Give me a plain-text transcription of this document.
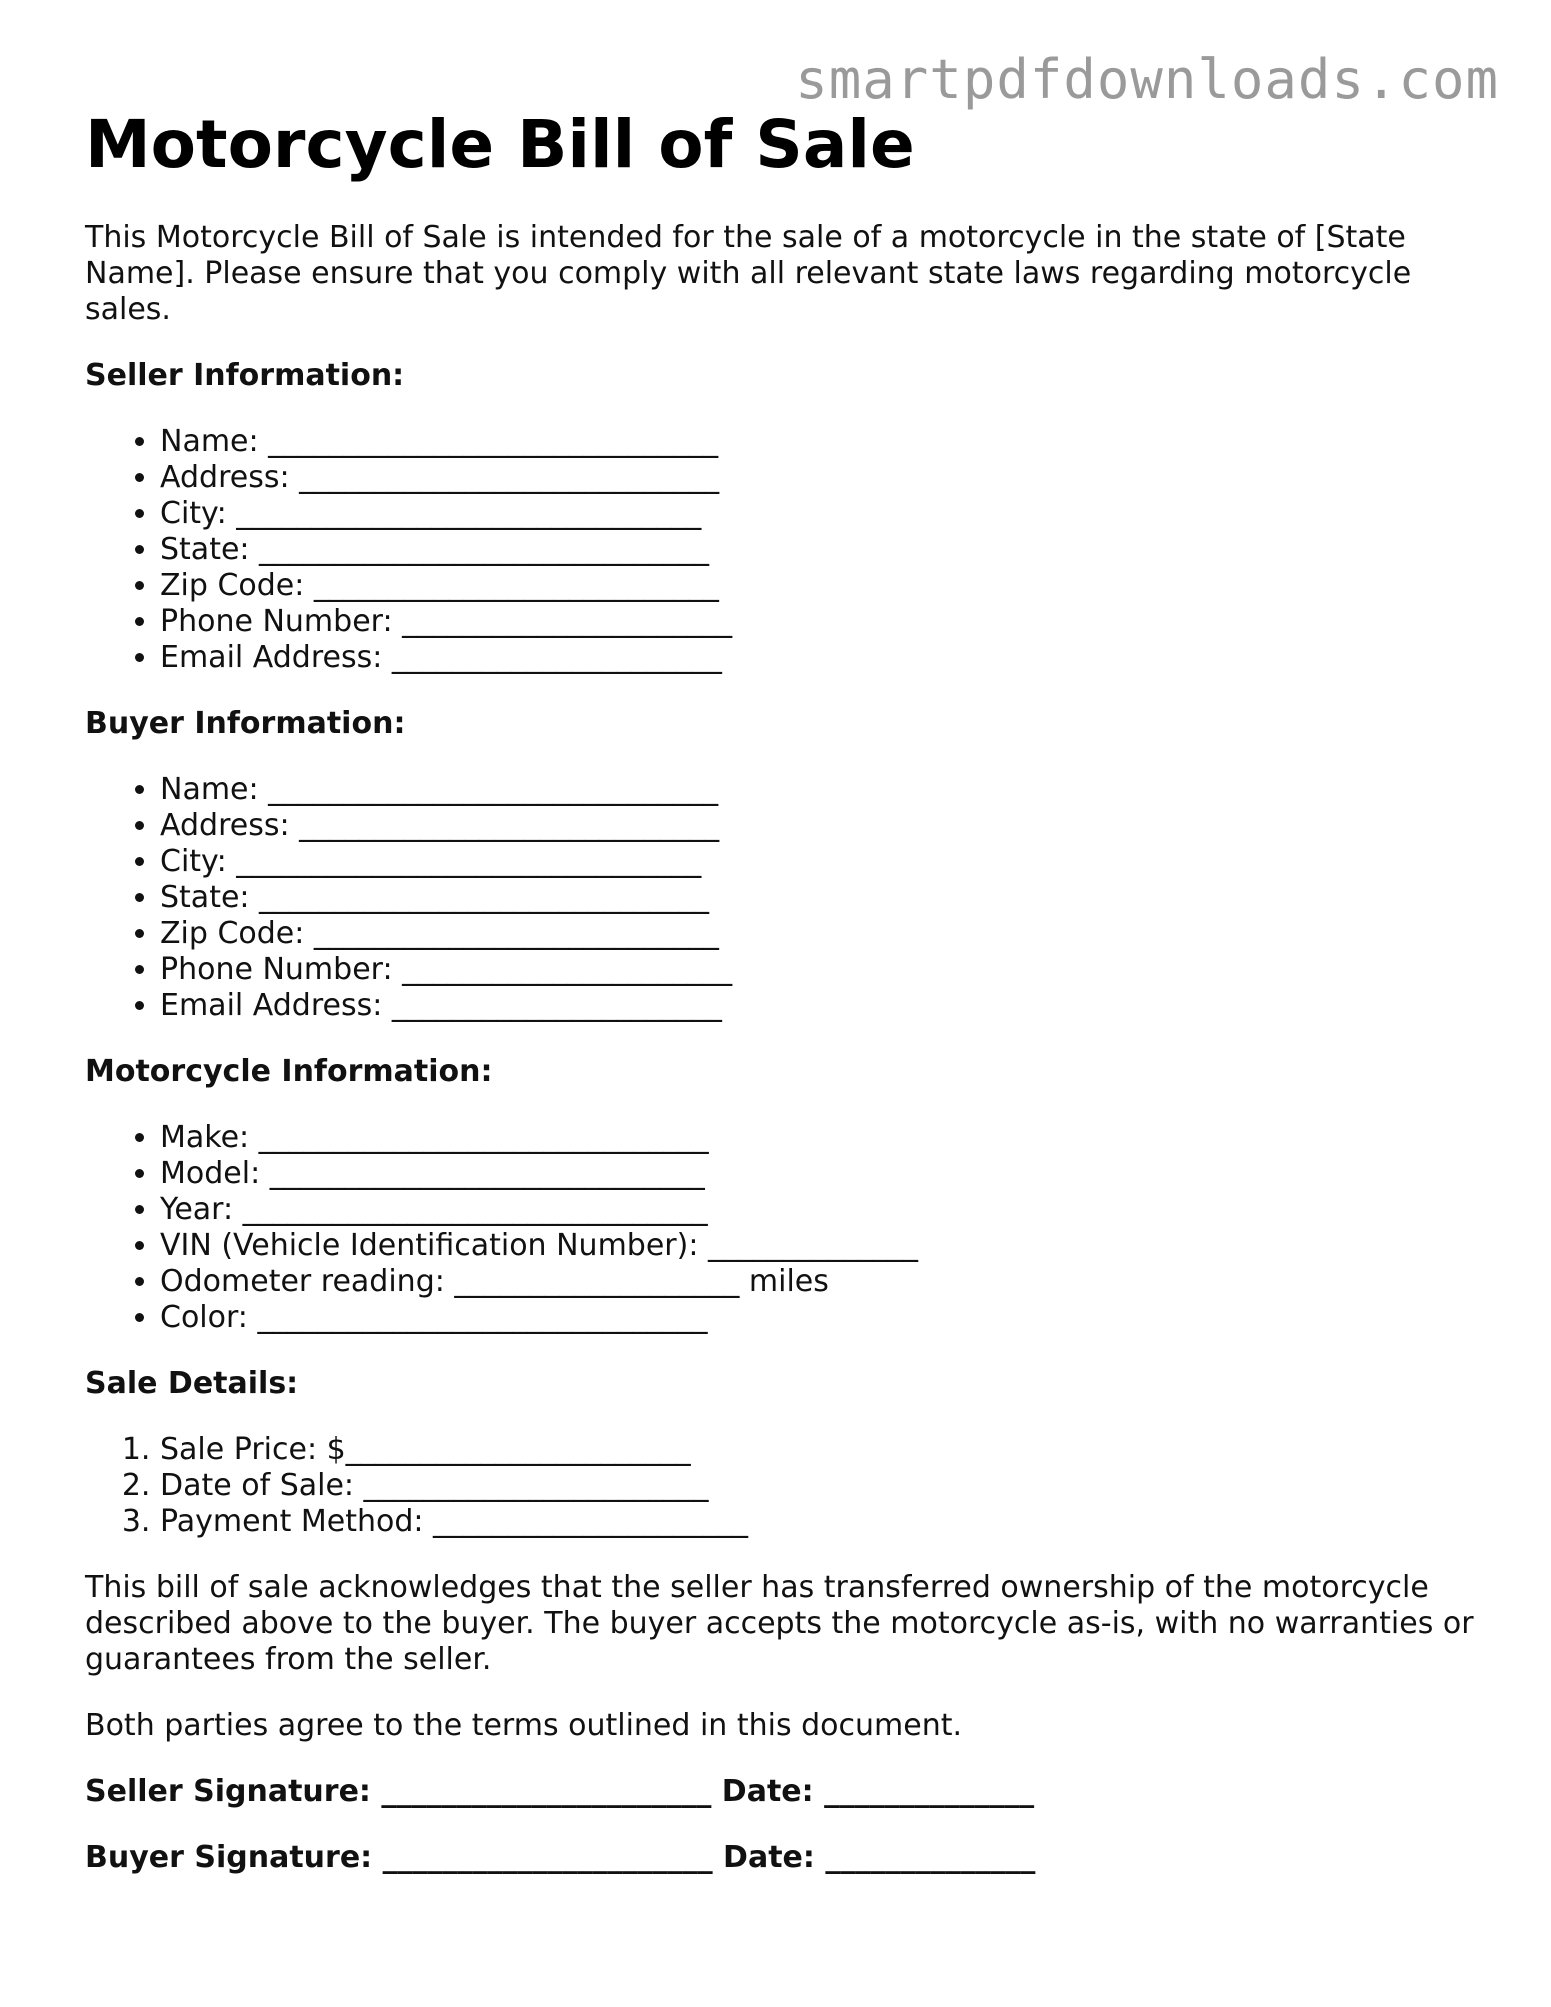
smartpdfdownloads.com
Motorcycle Bill of Sale

This Motorcycle Bill of Sale is intended for the sale of a motorcycle in the state of [State Name]. Please ensure that you comply with all relevant state laws regarding motorcycle sales.

Seller Information:
• Name: ______________________________
• Address: ____________________________
• City: _______________________________
• State: ______________________________
• Zip Code: ___________________________
• Phone Number: ______________________
• Email Address: ______________________
Buyer Information:
• Name: ______________________________
• Address: ____________________________
• City: _______________________________
• State: ______________________________
• Zip Code: ___________________________
• Phone Number: ______________________
• Email Address: ______________________
Motorcycle Information:
• Make: ______________________________
• Model: _____________________________
• Year: _______________________________
• VIN (Vehicle Identification Number): ______________
• Odometer reading: ___________________ miles
• Color: ______________________________
Sale Details:
1. Sale Price: $_______________________
2. Date of Sale: _______________________
3. Payment Method: _____________________

This bill of sale acknowledges that the seller has transferred ownership of the motorcycle described above to the buyer. The buyer accepts the motorcycle as-is, with no warranties or guarantees from the seller.

Both parties agree to the terms outlined in this document.

Seller Signature: ______________________ Date: ______________
Buyer Signature: ______________________ Date: ______________
